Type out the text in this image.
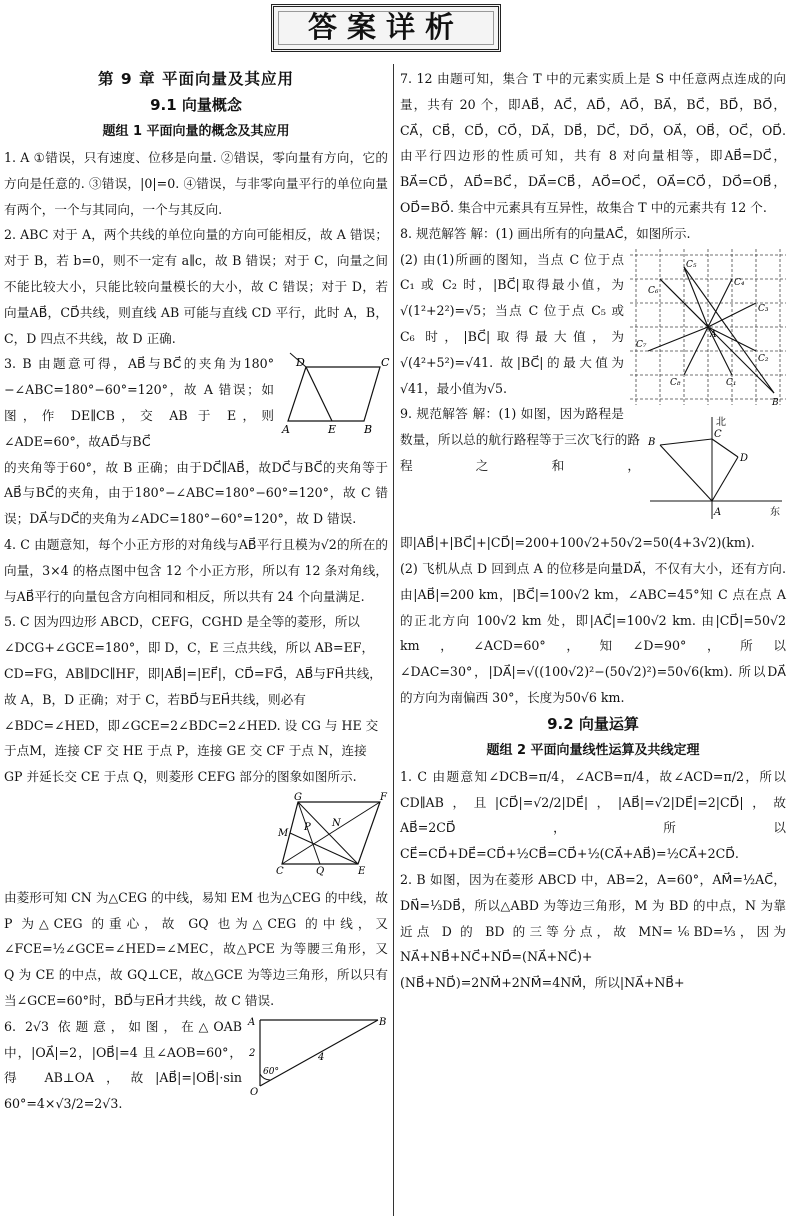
答案详析
第 9 章 平面向量及其应用
9.1 向量概念
题组 1 平面向量的概念及其应用

1. A ①错误，只有速度、位移是向量. ②错误，零向量有方向，它的方向是任意的. ③错误，|0|=0. ④错误，与非零向量平行的单位向量有两个，一个与其同向，一个与其反向.

2. ABC 对于 A，两个共线的单位向量的方向可能相反，故 A 错误；对于 B，若 b=0，则不一定有 a∥c，故 B 错误；对于 C，向量之间不能比较大小，只能比较向量模长的大小，故 C 错误；对于 D，若向量AB⃗，CD⃗共线，则直线 AB 可能与直线 CD 平行，此时 A，B，C，D 四点不共线，故 D 正确.

D	C
A	E	B

3. B 由题意可得，AB⃗与BC⃗的夹角为180°−∠ABC=180°−60°=120°，故 A 错误；如图，作 DE∥CB，交 AB 于 E，则∠ADE=60°，故AD⃗与BC⃗

的夹角等于60°，故 B 正确；由于DC⃗∥AB⃗，故DC⃗与BC⃗的夹角等于AB⃗与BC⃗的夹角，由于180°−∠ABC=180°−60°=120°，故 C 错误；DA⃗与DC⃗的夹角为∠ADC=180°−60°=120°，故 D 错误.

4. C 由题意知，每个小正方形的对角线与AB⃗平行且模为√2的所在的向量，3×4 的格点图中包含 12 个小正方形，所以有 12 条对角线，与AB⃗平行的向量包含方向相同和相反，所以共有 24 个向量满足.

5. C 因为四边形 ABCD，CEFG，CGHD 是全等的菱形，所以∠DCG+∠GCE=180°，即 D，C，E 三点共线，所以 AB=EF，CD=FG，AB∥DC∥HF，即|AB⃗|=|EF⃗|，CD⃗=FG⃗，AB⃗与FH⃗共线，故 A，B，D 正确；对于 C，若BD⃗与EH⃗共线，则必有∠BDC=∠HED，即∠GCE=2∠BDC=2∠HED. 设 CG 与 HE 交于点M，连接 CF 交 HE 于点 P，连接 GE 交 CF 于点 N，连接 GP 并延长交 CE 于点 Q，则菱形 CEFG 部分的图象如图所示.

G	F
M
P N
C	Q	E

由菱形可知 CN 为△CEG 的中线，易知 EM 也为△CEG 的中线，故 P 为△CEG 的重心，故 GQ 也为△CEG 的中线，又∠FCE=½∠GCE=∠HED=∠MEC，故△PCE 为等腰三角形，又 Q 为 CE 的中点，故 GQ⊥CE，故△GCE 为等边三角形，所以只有当∠GCE=60°时，BD⃗与EH⃗才共线，故 C 错误.

A	B
O
2	4
60°

6. 2√3 依题意，如图，在△OAB 中，|OA⃗|=2，|OB⃗|=4 且∠AOB=60°，得 AB⊥OA，故|AB⃗|=|OB⃗|·sin 60°=4×√3/2=2√3.

7. 12 由题可知，集合 T 中的元素实质上是 S 中任意两点连成的向量，共有 20 个，即AB⃗，AC⃗，AD⃗，AO⃗，BA⃗，BC⃗，BD⃗，BO⃗，CA⃗，CB⃗，CD⃗，CO⃗，DA⃗，DB⃗，DC⃗，DO⃗，OA⃗，OB⃗，OC⃗，OD⃗. 由平行四边形的性质可知，共有 8 对向量相等，即AB⃗=DC⃗，BA⃗=CD⃗，AD⃗=BC⃗，DA⃗=CB⃗，AO⃗=OC⃗，OA⃗=CO⃗，DO⃗=OB⃗，OD⃗=BO⃗. 集合中元素具有互异性，故集合 T 中的元素共有 12 个.

8. 规范解答 解：(1) 画出所有的向量AC⃗，如图所示.

C₅
C₆
C₄
C₃
C₇
A
C₂
C₈	C₁
B

(2) 由(1)所画的图知，当点 C 位于点 C₁ 或 C₂ 时，|BC⃗|取得最小值，为 √(1²+2²)=√5；当点 C 位于点 C₅ 或 C₆ 时，|BC⃗|取得最大值，为 √(4²+5²)=√41. 故|BC⃗|的最大值为√41，最小值为√5.

北
B
C
D
A	东

9. 规范解答 解：(1) 如图，因为路程是数量，所以总的航行路程等于三次飞行的路程之和，即|AB⃗|+|BC⃗|+|CD⃗|=200+100√2+50√2=50(4+3√2)(km).

(2) 飞机从点 D 回到点 A 的位移是向量DA⃗，不仅有大小，还有方向. 由|AB⃗|=200 km，|BC⃗|=100√2 km，∠ABC=45°知 C 点在点 A 的正北方向 100√2 km 处，即|AC⃗|=100√2 km. 由|CD⃗|=50√2 km，∠ACD=60°，知∠D=90°，所以∠DAC=30°，|DA⃗|=√((100√2)²−(50√2)²)=50√6(km). 所以DA⃗的方向为南偏西 30°，长度为50√6 km.

9.2 向量运算
题组 2 平面向量线性运算及共线定理

1. C 由题意知∠DCB=π/4，∠ACB=π/4，故∠ACD=π/2，所以 CD∥AB，且|CD⃗|=√2/2|DE⃗|，|AB⃗|=√2|DE⃗|=2|CD⃗|，故AB⃗=2CD⃗，所以CE⃗=CD⃗+DE⃗=CD⃗+½CB⃗=CD⃗+½(CA⃗+AB⃗)=½CA⃗+2CD⃗.

2. B 如图，因为在菱形 ABCD 中，AB=2，A=60°，AM⃗=½AC⃗，DN⃗=⅓DB⃗，所以△ABD 为等边三角形，M 为 BD 的中点，N 为靠近点 D 的 BD 的三等分点，故 MN=⅙BD=⅓，因为NA⃗+NB⃗+NC⃗+ND⃗=(NA⃗+NC⃗)+(NB⃗+ND⃗)=2NM⃗+2NM⃗=4NM⃗，所以|NA⃗+NB⃗+
